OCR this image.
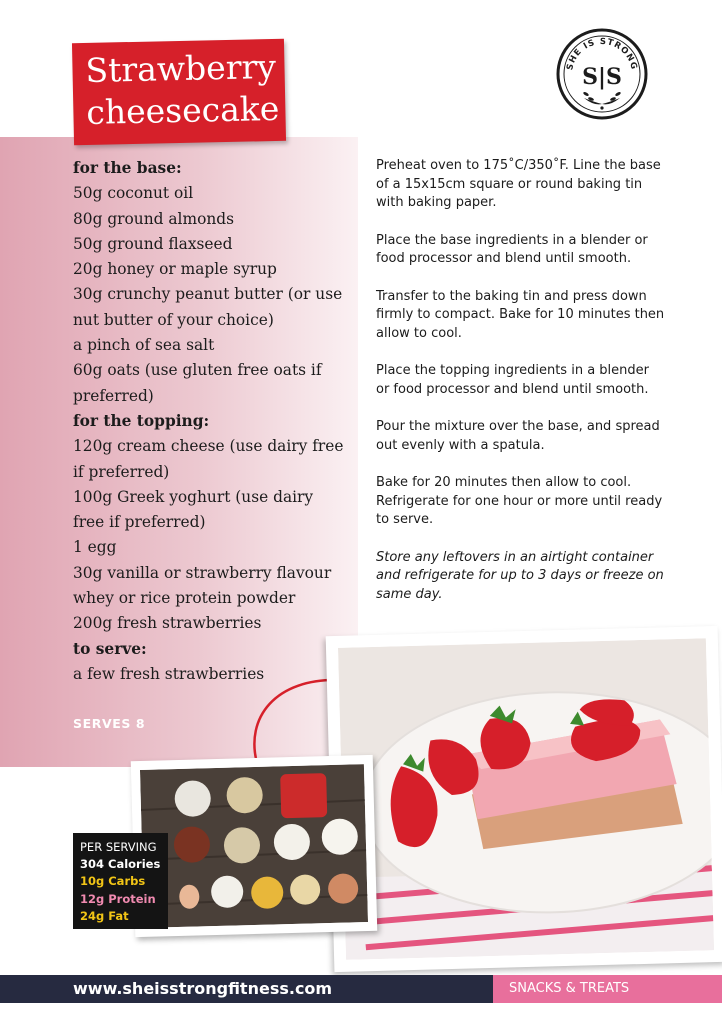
Strawberry
cheesecake
SHE IS STRONG
S|S
for the base:
50g coconut oil
80g ground almonds
50g ground flaxseed
20g honey or maple syrup
30g crunchy peanut butter (or use
nut butter of your choice)
a pinch of sea salt
60g oats (use gluten free oats if
preferred)
for the topping:
120g cream cheese (use dairy free
if preferred)
100g Greek yoghurt (use dairy
free if preferred)
1 egg
30g vanilla or strawberry flavour
whey or rice protein powder
200g fresh strawberries
to serve:
a few fresh strawberries
SERVES 8

Preheat oven to 175˚C/350˚F. Line the base of a 15x15cm square or round baking tin with baking paper.

Place the base ingredients in a blender or food processor and blend until smooth.

Transfer to the baking tin and press down firmly to compact. Bake for 10 minutes then allow to cool.

Place the topping ingredients in a blender or food processor and blend until smooth.

Pour the mixture over the base, and spread out evenly with a spatula.

Bake for 20 minutes then allow to cool. Refrigerate for one hour or more until ready to serve.

Store any leftovers in an airtight container and refrigerate for up to 3 days or freeze on same day.

PER SERVING
304 Calories
10g Carbs
12g Protein
24g Fat
www.sheisstrongfitness.com	SNACKS & TREATS
